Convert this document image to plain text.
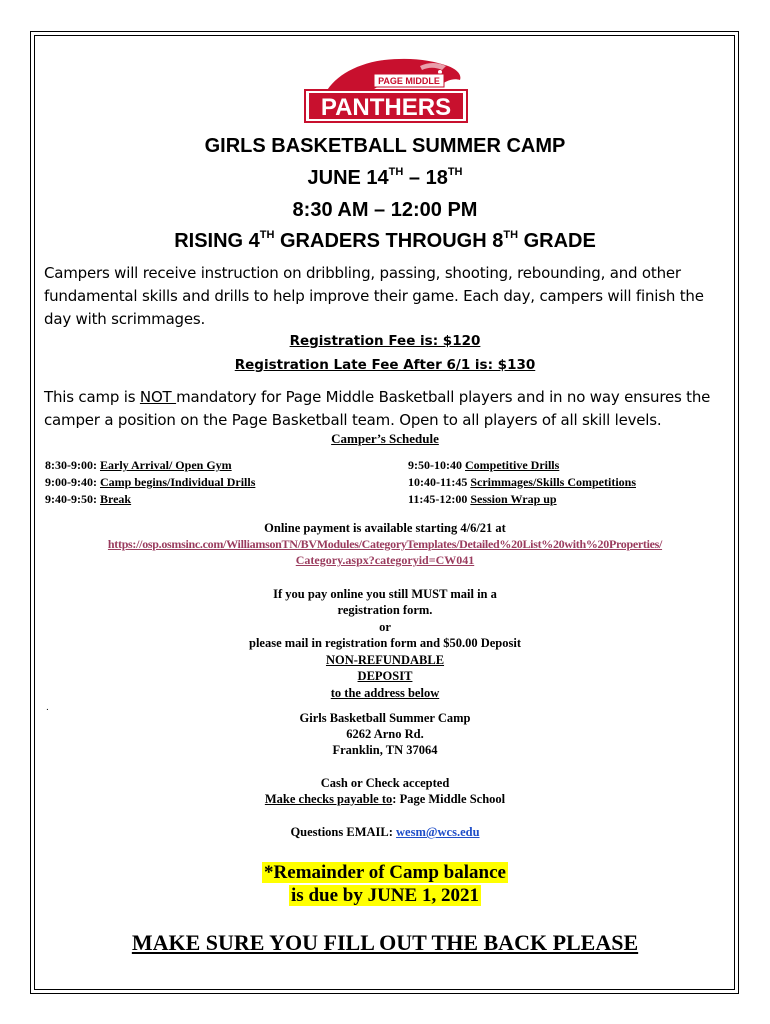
PAGE MIDDLE
PANTHERS
GIRLS BASKETBALL SUMMER CAMP
JUNE 14TH – 18TH
8:30 AM – 12:00 PM
RISING 4TH GRADERS THROUGH 8TH GRADE
Campers will receive instruction on dribbling, passing, shooting, rebounding, and other fundamental skills and drills to help improve their game. Each day, campers will finish the day with scrimmages.
Registration Fee is: $120
Registration Late Fee After 6/1 is: $130
This camp is NOT mandatory for Page Middle Basketball players and in no way ensures the camper a position on the Page Basketball team. Open to all players of all skill levels.
Camper’s Schedule
8:30-9:00: Early Arrival/ Open Gym
9:00-9:40: Camp begins/Individual Drills
9:40-9:50: Break
9:50-10:40 Competitive Drills
10:40-11:45 Scrimmages/Skills Competitions
11:45-12:00 Session Wrap up
Online payment is available starting 4/6/21 at
https://osp.osmsinc.com/WilliamsonTN/BVModules/CategoryTemplates/Detailed%20List%20with%20Properties/
Category.aspx?categoryid=CW041
If you pay online you still MUST mail in a
registration form.
or
please mail in registration form and $50.00 Deposit
NON-REFUNDABLE
DEPOSIT
to the address below
.
Girls Basketball Summer Camp
6262 Arno Rd.
Franklin, TN 37064
Cash or Check accepted
Make checks payable to: Page Middle School
Questions EMAIL: wesm@wcs.edu
*Remainder of Camp balance
is due by JUNE 1, 2021
MAKE SURE YOU FILL OUT THE BACK PLEASE
